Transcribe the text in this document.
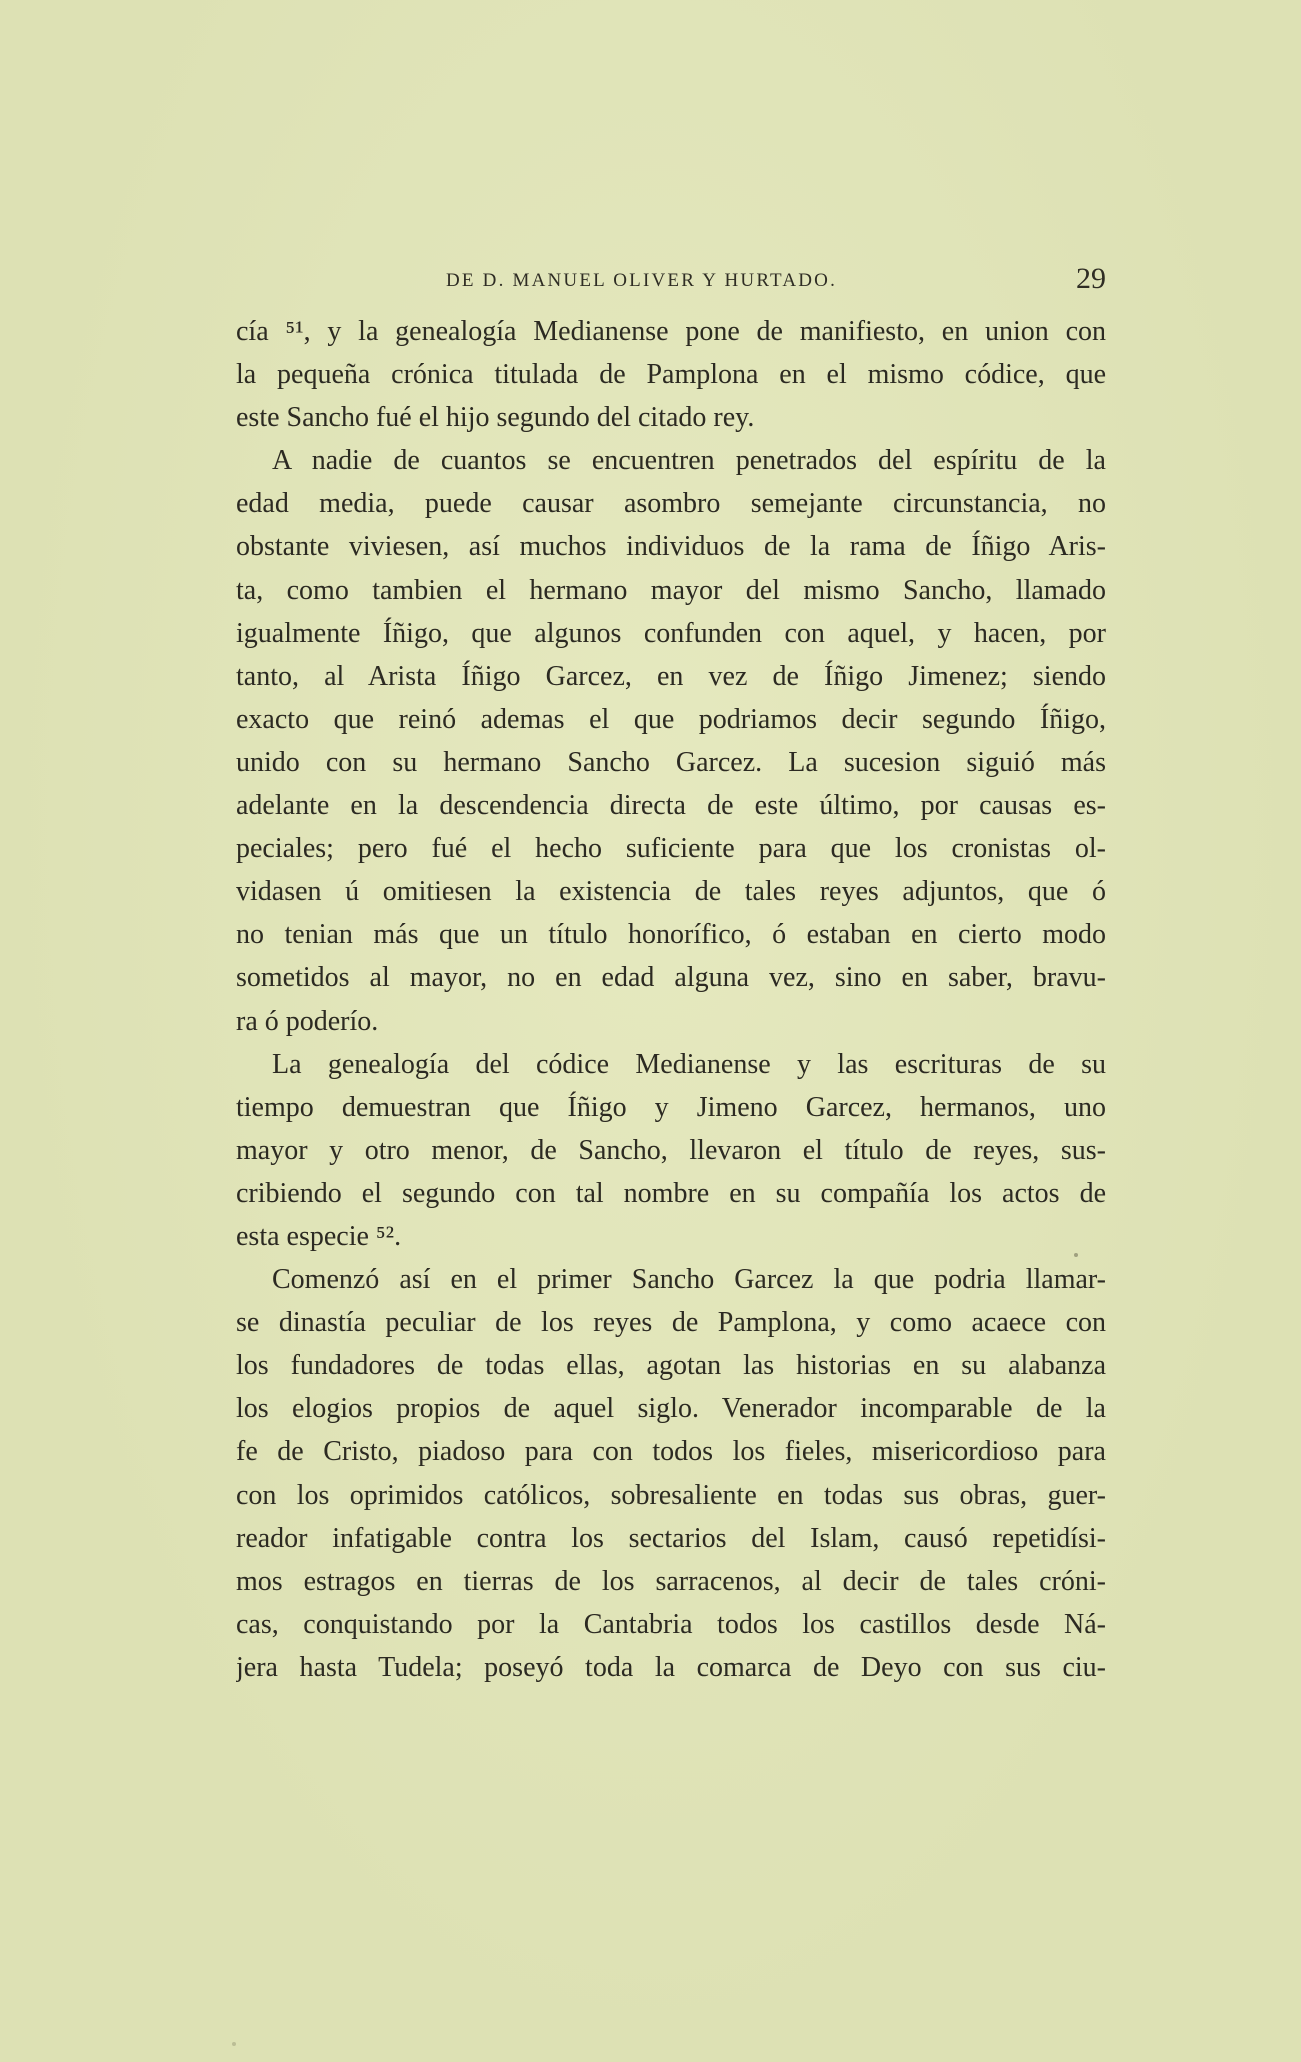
DE D. MANUEL OLIVER Y HURTADO.	29
cía ⁵¹, y la genealogía Medianense pone de manifiesto, en union con
la pequeña crónica titulada de Pamplona en el mismo códice, que
este Sancho fué el hijo segundo del citado rey.
A nadie de cuantos se encuentren penetrados del espíritu de la
edad media, puede causar asombro semejante circunstancia, no
obstante viviesen, así muchos individuos de la rama de Íñigo Aris-
ta, como tambien el hermano mayor del mismo Sancho, llamado
igualmente Íñigo, que algunos confunden con aquel, y hacen, por
tanto, al Arista Íñigo Garcez, en vez de Íñigo Jimenez; siendo
exacto que reinó ademas el que podriamos decir segundo Íñigo,
unido con su hermano Sancho Garcez. La sucesion siguió más
adelante en la descendencia directa de este último, por causas es-
peciales; pero fué el hecho suficiente para que los cronistas ol-
vidasen ú omitiesen la existencia de tales reyes adjuntos, que ó
no tenian más que un título honorífico, ó estaban en cierto modo
sometidos al mayor, no en edad alguna vez, sino en saber, bravu-
ra ó poderío.
La genealogía del códice Medianense y las escrituras de su
tiempo demuestran que Íñigo y Jimeno Garcez, hermanos, uno
mayor y otro menor, de Sancho, llevaron el título de reyes, sus-
cribiendo el segundo con tal nombre en su compañía los actos de
esta especie ⁵².
Comenzó así en el primer Sancho Garcez la que podria llamar-
se dinastía peculiar de los reyes de Pamplona, y como acaece con
los fundadores de todas ellas, agotan las historias en su alabanza
los elogios propios de aquel siglo. Venerador incomparable de la
fe de Cristo, piadoso para con todos los fieles, misericordioso para
con los oprimidos católicos, sobresaliente en todas sus obras, guer-
reador infatigable contra los sectarios del Islam, causó repetidísi-
mos estragos en tierras de los sarracenos, al decir de tales cróni-
cas, conquistando por la Cantabria todos los castillos desde Ná-
jera hasta Tudela; poseyó toda la comarca de Deyo con sus ciu-
